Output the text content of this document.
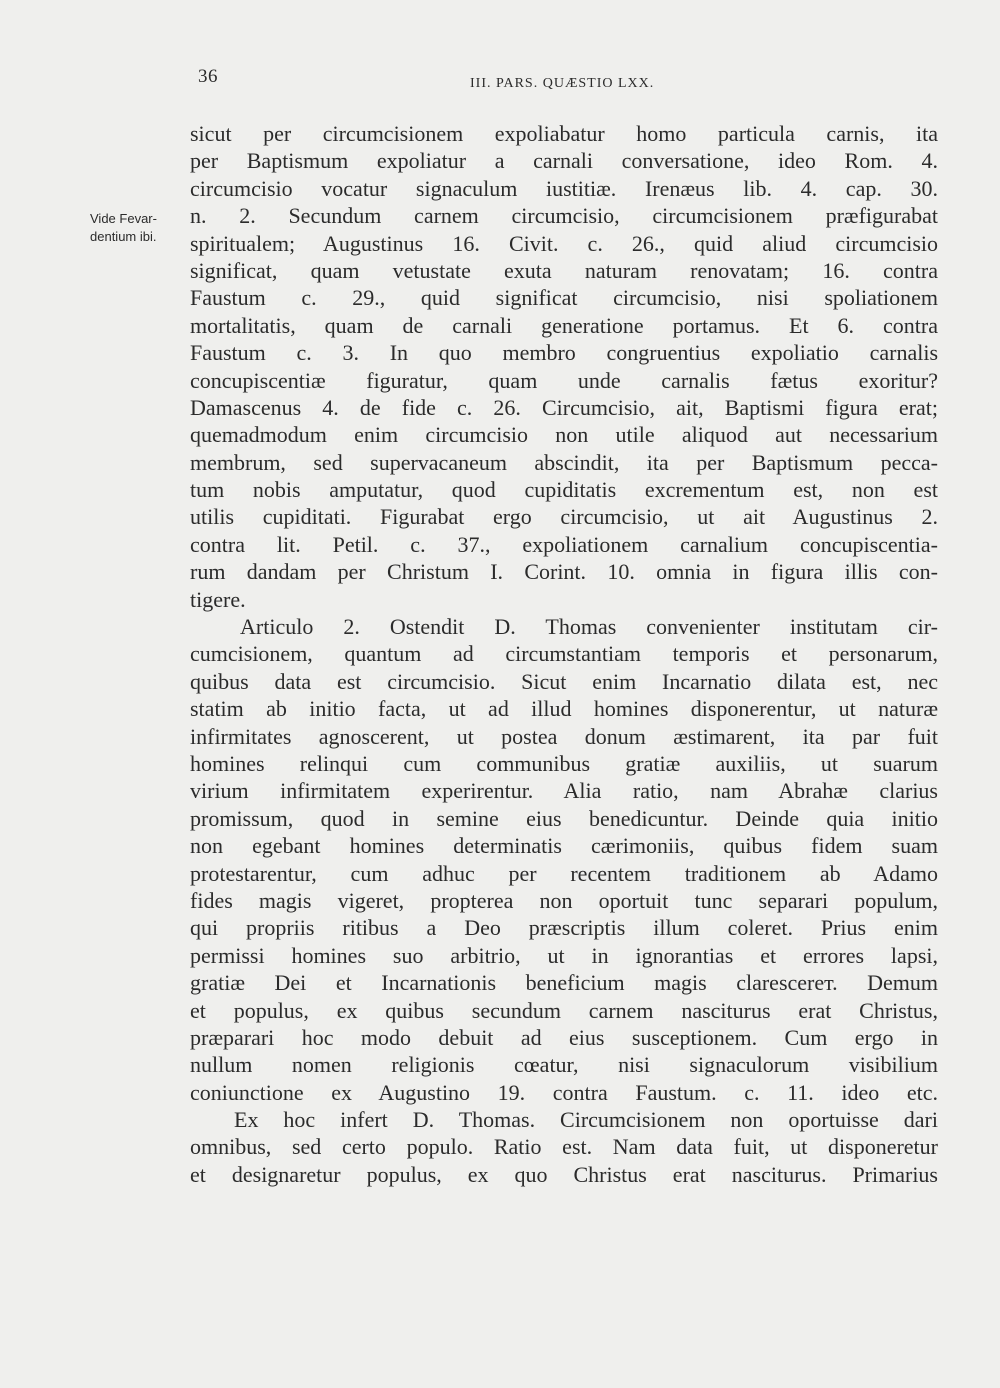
36	III. PARS. QUÆSTIO LXX.
Vide Fevar-
dentium ibi.
sicut per circumcisionem expoliabatur homo particula carnis, ita
per Baptismum expoliatur a carnali conversatione, ideo Rom. 4.
circumcisio vocatur signaculum iustitiæ. Irenæus lib. 4. cap. 30.
n. 2. Secundum carnem circumcisio, circumcisionem præfigurabat
spiritualem; Augustinus 16. Civit. c. 26., quid aliud circumcisio
significat, quam vetustate exuta naturam renovatam; 16. contra
Faustum c. 29., quid significat circumcisio, nisi spoliationem
mortalitatis, quam de carnali generatione portamus. Et 6. contra
Faustum c. 3. In quo membro congruentius expoliatio carnalis
concupiscentiæ figuratur, quam unde carnalis fætus exoritur?
Damascenus 4. de fide c. 26. Circumcisio, ait, Baptismi figura erat;
quemadmodum enim circumcisio non utile aliquod aut necessarium
membrum, sed supervacaneum abscindit, ita per Baptismum pecca-
tum nobis amputatur, quod cupiditatis excrementum est, non est
utilis cupiditati. Figurabat ergo circumcisio, ut ait Augustinus 2.
contra lit. Petil. c. 37., expoliationem carnalium concupiscentia-
rum dandam per Christum I. Corint. 10. omnia in figura illis con-
tigere.
Articulo 2. Ostendit D. Thomas convenienter institutam cir-
cumcisionem, quantum ad circumstantiam temporis et personarum,
quibus data est circumcisio. Sicut enim Incarnatio dilata est, nec
statim ab initio facta, ut ad illud homines disponerentur, ut naturæ
infirmitates agnoscerent, ut postea donum æstimarent, ita par fuit
homines relinqui cum communibus gratiæ auxiliis, ut suarum
virium infirmitatem experirentur. Alia ratio, nam Abrahæ clarius
promissum, quod in semine eius benedicuntur. Deinde quia initio
non egebant homines determinatis cærimoniis, quibus fidem suam
protestarentur, cum adhuc per recentem traditionem ab Adamo
fides magis vigeret, propterea non oportuit tunc separari populum,
qui propriis ritibus a Deo præscriptis illum coleret. Prius enim
permissi homines suo arbitrio, ut in ignorantias et errores lapsi,
gratiæ Dei et Incarnationis beneficium magis clarescerет. Demum
et populus, ex quibus secundum carnem nasciturus erat Christus,
præparari hoc modo debuit ad eius susceptionem. Cum ergo in
nullum nomen religionis cœatur, nisi signaculorum visibilium
coniunctione ex Augustino 19. contra Faustum. c. 11. ideo etc.
Ex hoc infert D. Thomas. Circumcisionem non oportuisse dari
omnibus, sed certo populo. Ratio est. Nam data fuit, ut disponeretur
et designaretur populus, ex quo Christus erat nasciturus. Primarius
